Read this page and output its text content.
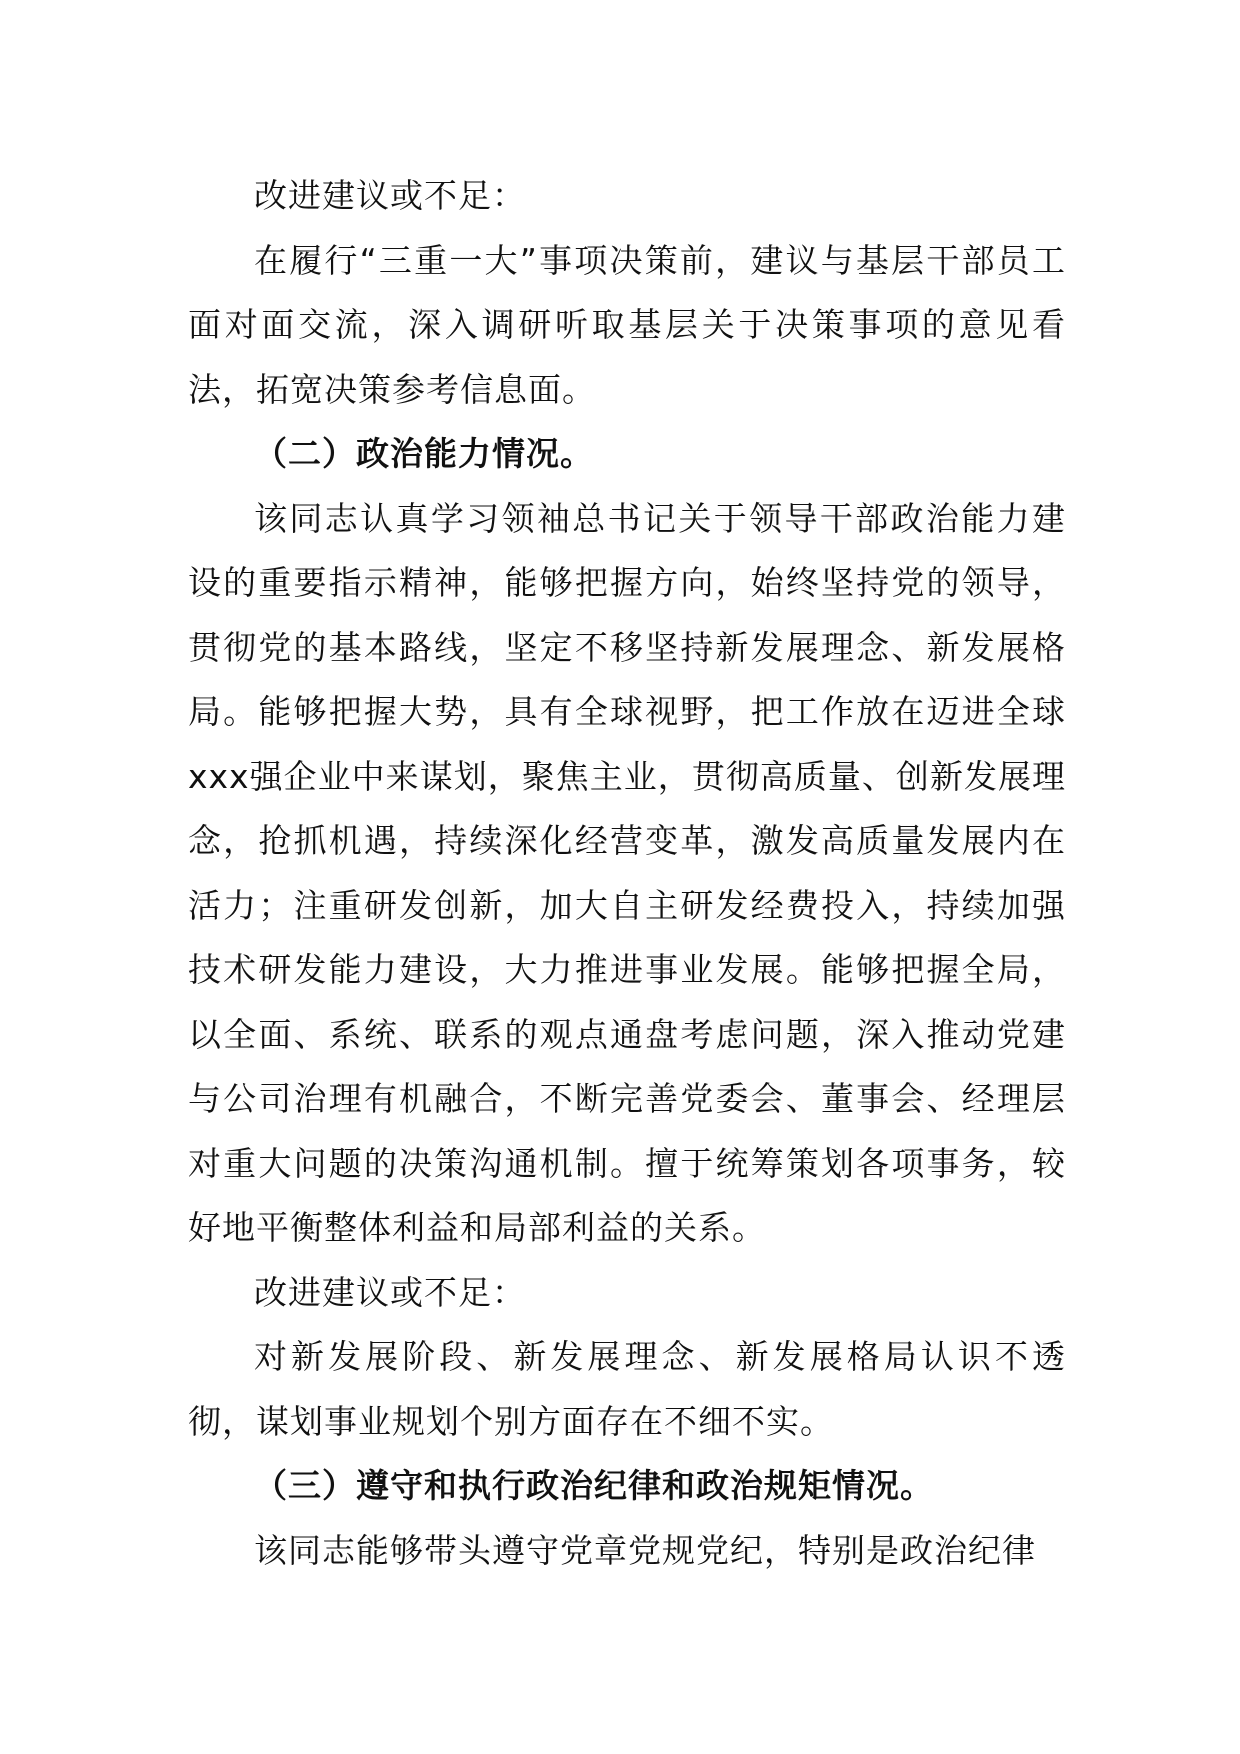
改进建议或不足：

在履行“三重一大”事项决策前，建议与基层干部员工面对面交流，深入调研听取基层关于决策事项的意见看法，拓宽决策参考信息面。

（二）政治能力情况。

该同志认真学习领袖总书记关于领导干部政治能力建设的重要指示精神，能够把握方向，始终坚持党的领导，贯彻党的基本路线，坚定不移坚持新发展理念、新发展格局。能够把握大势，具有全球视野，把工作放在迈进全球xxx强企业中来谋划，聚焦主业，贯彻高质量、创新发展理念，抢抓机遇，持续深化经营变革，激发高质量发展内在活力；注重研发创新，加大自主研发经费投入，持续加强技术研发能力建设，大力推进事业发展。能够把握全局，以全面、系统、联系的观点通盘考虑问题，深入推动党建与公司治理有机融合，不断完善党委会、董事会、经理层对重大问题的决策沟通机制。擅于统筹策划各项事务，较好地平衡整体利益和局部利益的关系。

改进建议或不足：

对新发展阶段、新发展理念、新发展格局认识不透彻，谋划事业规划个别方面存在不细不实。

（三）遵守和执行政治纪律和政治规矩情况。

该同志能够带头遵守党章党规党纪，特别是政治纪律
